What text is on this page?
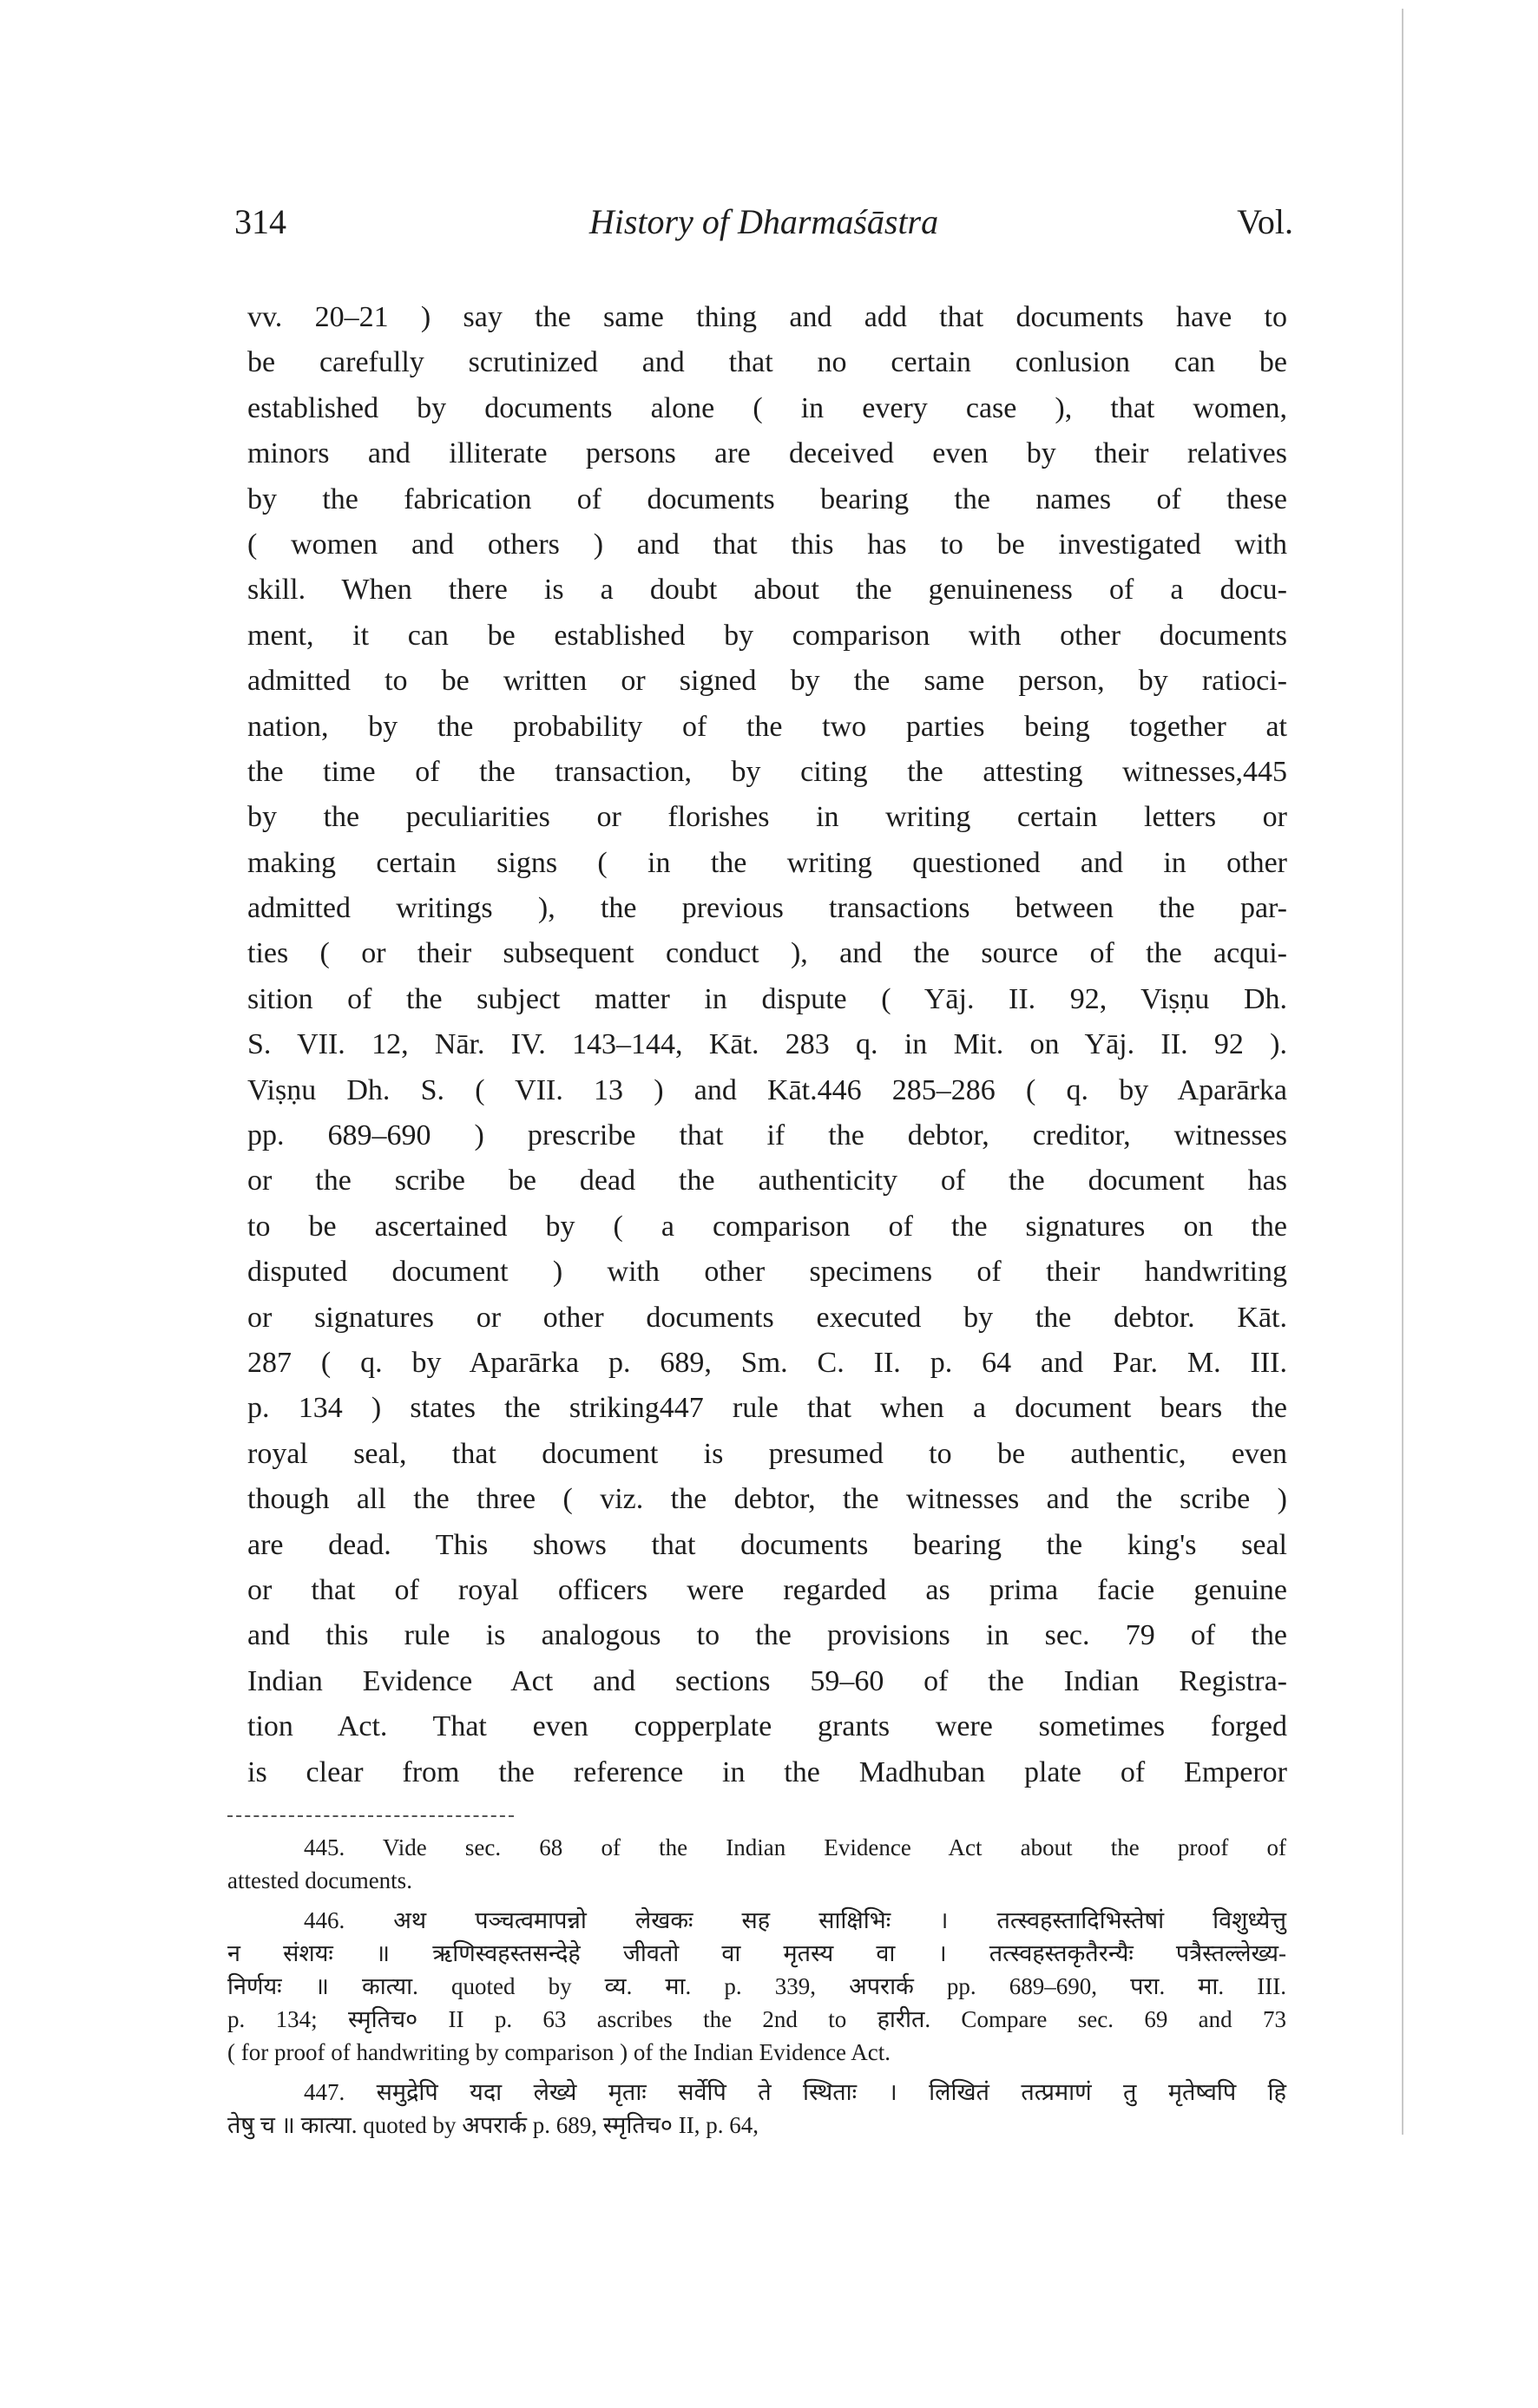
314	History of Dharmaśāstra	Vol.
vv. 20–21 ) say the same thing and add that documents have to
be carefully scrutinized and that no certain conlusion can be
established by documents alone ( in every case ), that women,
minors and illiterate persons are deceived even by their relatives
by the fabrication of documents bearing the names of these
( women and others ) and that this has to be investigated with
skill. When there is a doubt about the genuineness of a docu-
ment, it can be established by comparison with other documents
admitted to be written or signed by the same person, by ratioci-
nation, by the probability of the two parties being together at
the time of the transaction, by citing the attesting witnesses,445
by the peculiarities or florishes in writing certain letters or
making certain signs ( in the writing questioned and in other
admitted writings ), the previous transactions between the par-
ties ( or their subsequent conduct ), and the source of the acqui-
sition of the subject matter in dispute ( Yāj. II. 92, Viṣṇu Dh.
S. VII. 12, Nār. IV. 143–144, Kāt. 283 q. in Mit. on Yāj. II. 92 ).
Viṣṇu Dh. S. ( VII. 13 ) and Kāt.446 285–286 ( q. by Aparārka
pp. 689–690 ) prescribe that if the debtor, creditor, witnesses
or the scribe be dead the authenticity of the document has
to be ascertained by ( a comparison of the signatures on the
disputed document ) with other specimens of their handwriting
or signatures or other documents executed by the debtor. Kāt.
287 ( q. by Aparārka p. 689, Sm. C. II. p. 64 and Par. M. III.
p. 134 ) states the striking447 rule that when a document bears the
royal seal, that document is presumed to be authentic, even
though all the three ( viz. the debtor, the witnesses and the scribe )
are dead. This shows that documents bearing the king's seal
or that of royal officers were regarded as prima facie genuine
and this rule is analogous to the provisions in sec. 79 of the
Indian Evidence Act and sections 59–60 of the Indian Registra-
tion Act. That even copperplate grants were sometimes forged
is clear from the reference in the Madhuban plate of Emperor
445. Vide sec. 68 of the Indian Evidence Act about the proof of
attested documents.
446. अथ पञ्चत्वमापन्नो लेखकः सह साक्षिभिः । तत्स्वहस्तादिभिस्तेषां विशुध्येत्तु
न संशयः ॥ ऋणिस्वहस्तसन्देहे जीवतो वा मृतस्य वा । तत्स्वहस्तकृतैरन्यैः पत्रैस्तल्लेख्य-
निर्णयः ॥ कात्या. quoted by व्य. मा. p. 339, अपरार्क pp. 689–690, परा. मा. III.
p. 134; स्मृतिच० II p. 63 ascribes the 2nd to हारीत. Compare sec. 69 and 73
( for proof of handwriting by comparison ) of the Indian Evidence Act.
447. समुद्रेपि यदा लेख्ये मृताः सर्वेपि ते स्थिताः । लिखितं तत्प्रमाणं तु मृतेष्वपि हि
तेषु च ॥ कात्या. quoted by अपरार्क p. 689, स्मृतिच० II, p. 64,
